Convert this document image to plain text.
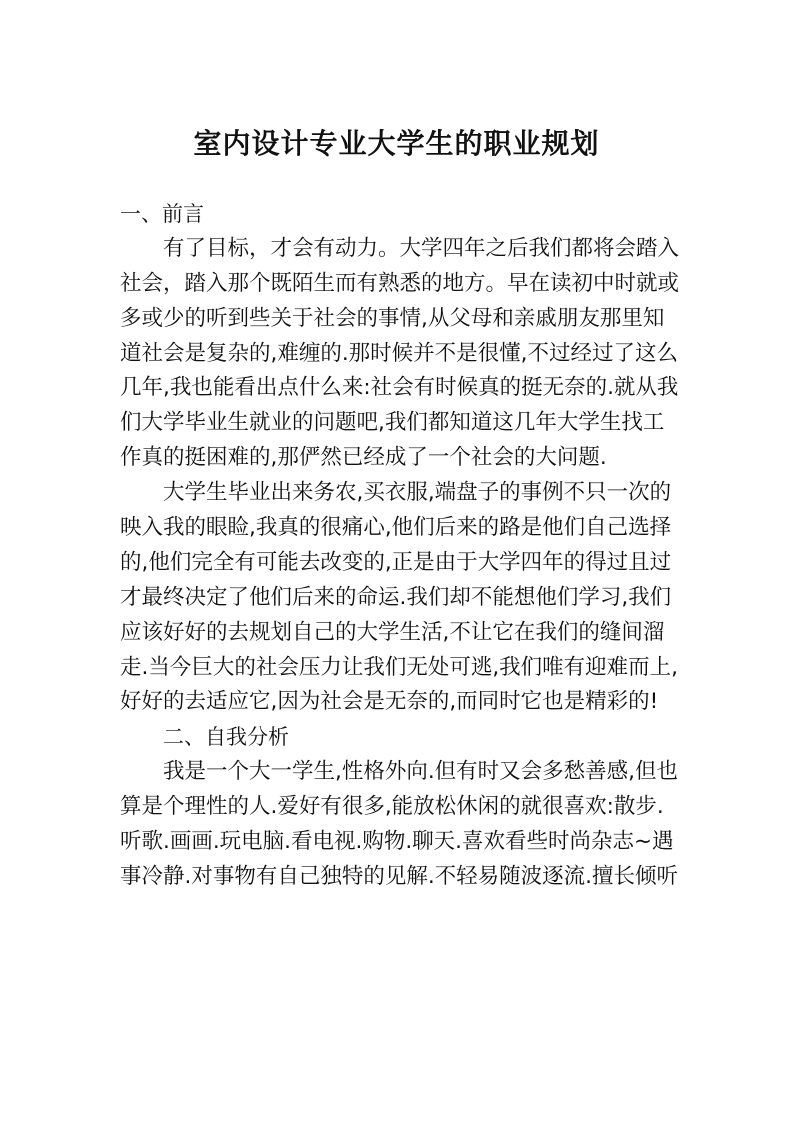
室内设计专业大学生的职业规划
一、前言
有了目标，才会有动力。大学四年之后我们都将会踏入
社会，踏入那个既陌生而有熟悉的地方。早在读初中时就或
多或少的听到些关于社会的事情,从父母和亲戚朋友那里知
道社会是复杂的,难缠的.那时候并不是很懂,不过经过了这么
几年,我也能看出点什么来:社会有时候真的挺无奈的.就从我
们大学毕业生就业的问题吧,我们都知道这几年大学生找工
作真的挺困难的,那俨然已经成了一个社会的大问题.
大学生毕业出来务农,买衣服,端盘子的事例不只一次的
映入我的眼睑,我真的很痛心,他们后来的路是他们自己选择
的,他们完全有可能去改变的,正是由于大学四年的得过且过
才最终决定了他们后来的命运.我们却不能想他们学习,我们
应该好好的去规划自己的大学生活,不让它在我们的缝间溜
走.当今巨大的社会压力让我们无处可逃,我们唯有迎难而上,
好好的去适应它,因为社会是无奈的,而同时它也是精彩的!
二、自我分析
我是一个大一学生,性格外向.但有时又会多愁善感,但也
算是个理性的人.爱好有很多,能放松休闲的就很喜欢:散步.
听歌.画画.玩电脑.看电视.购物.聊天.喜欢看些时尚杂志~遇
事冷静.对事物有自己独特的见解.不轻易随波逐流.擅长倾听
